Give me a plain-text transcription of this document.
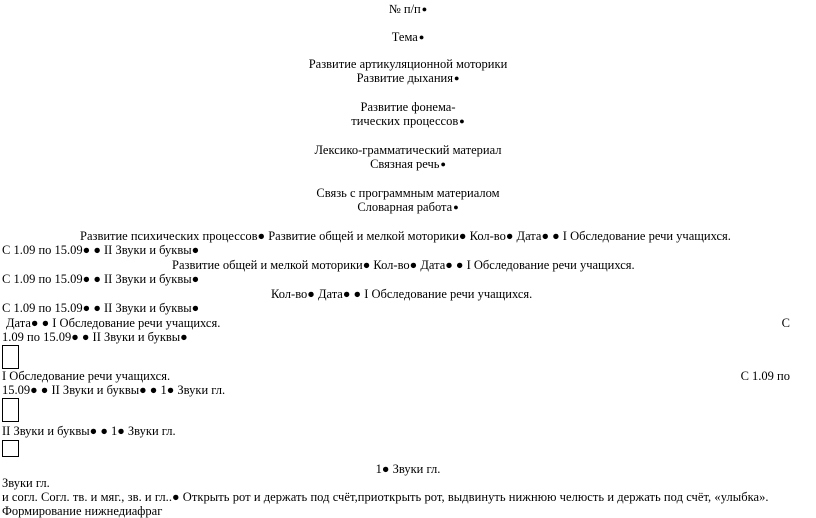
№ п/п ●
Тема ●
Развитие артикуляционной моторики
Развитие дыхания ●
Развитие фонема-
тических процессов ●
Лексико-грамматический материал
Связная речь ●
Связь с программным материалом
Словарная работа ●
Развитие психических процессов● Развитие общей и мелкой моторики● Кол-во● Дата● ● I Обследование речи учащихся.
С 1.09 по 15.09● ● II Звуки и буквы●
Развитие общей и мелкой моторики● Кол-во● Дата● ● I Обследование речи учащихся.
С 1.09 по 15.09● ● II Звуки и буквы●
Кол-во● Дата● ● I Обследование речи учащихся.
С 1.09 по 15.09● ● II Звуки и буквы●
Дата● ● I Обследование речи учащихся.	С
1.09 по 15.09● ● II Звуки и буквы●
I Обследование речи учащихся.	С 1.09 по
15.09● ● II Звуки и буквы● ● 1● Звуки гл.
II Звуки и буквы● ● 1● Звуки гл.
1● Звуки гл.
Звуки гл.
и согл. Согл. тв. и мяг., зв. и гл..● Открыть рот и держать под счёт,приоткрыть рот, выдвинуть нижнюю челюсть и держать под счёт, «улыбка».
Формирование нижнедиафраг
